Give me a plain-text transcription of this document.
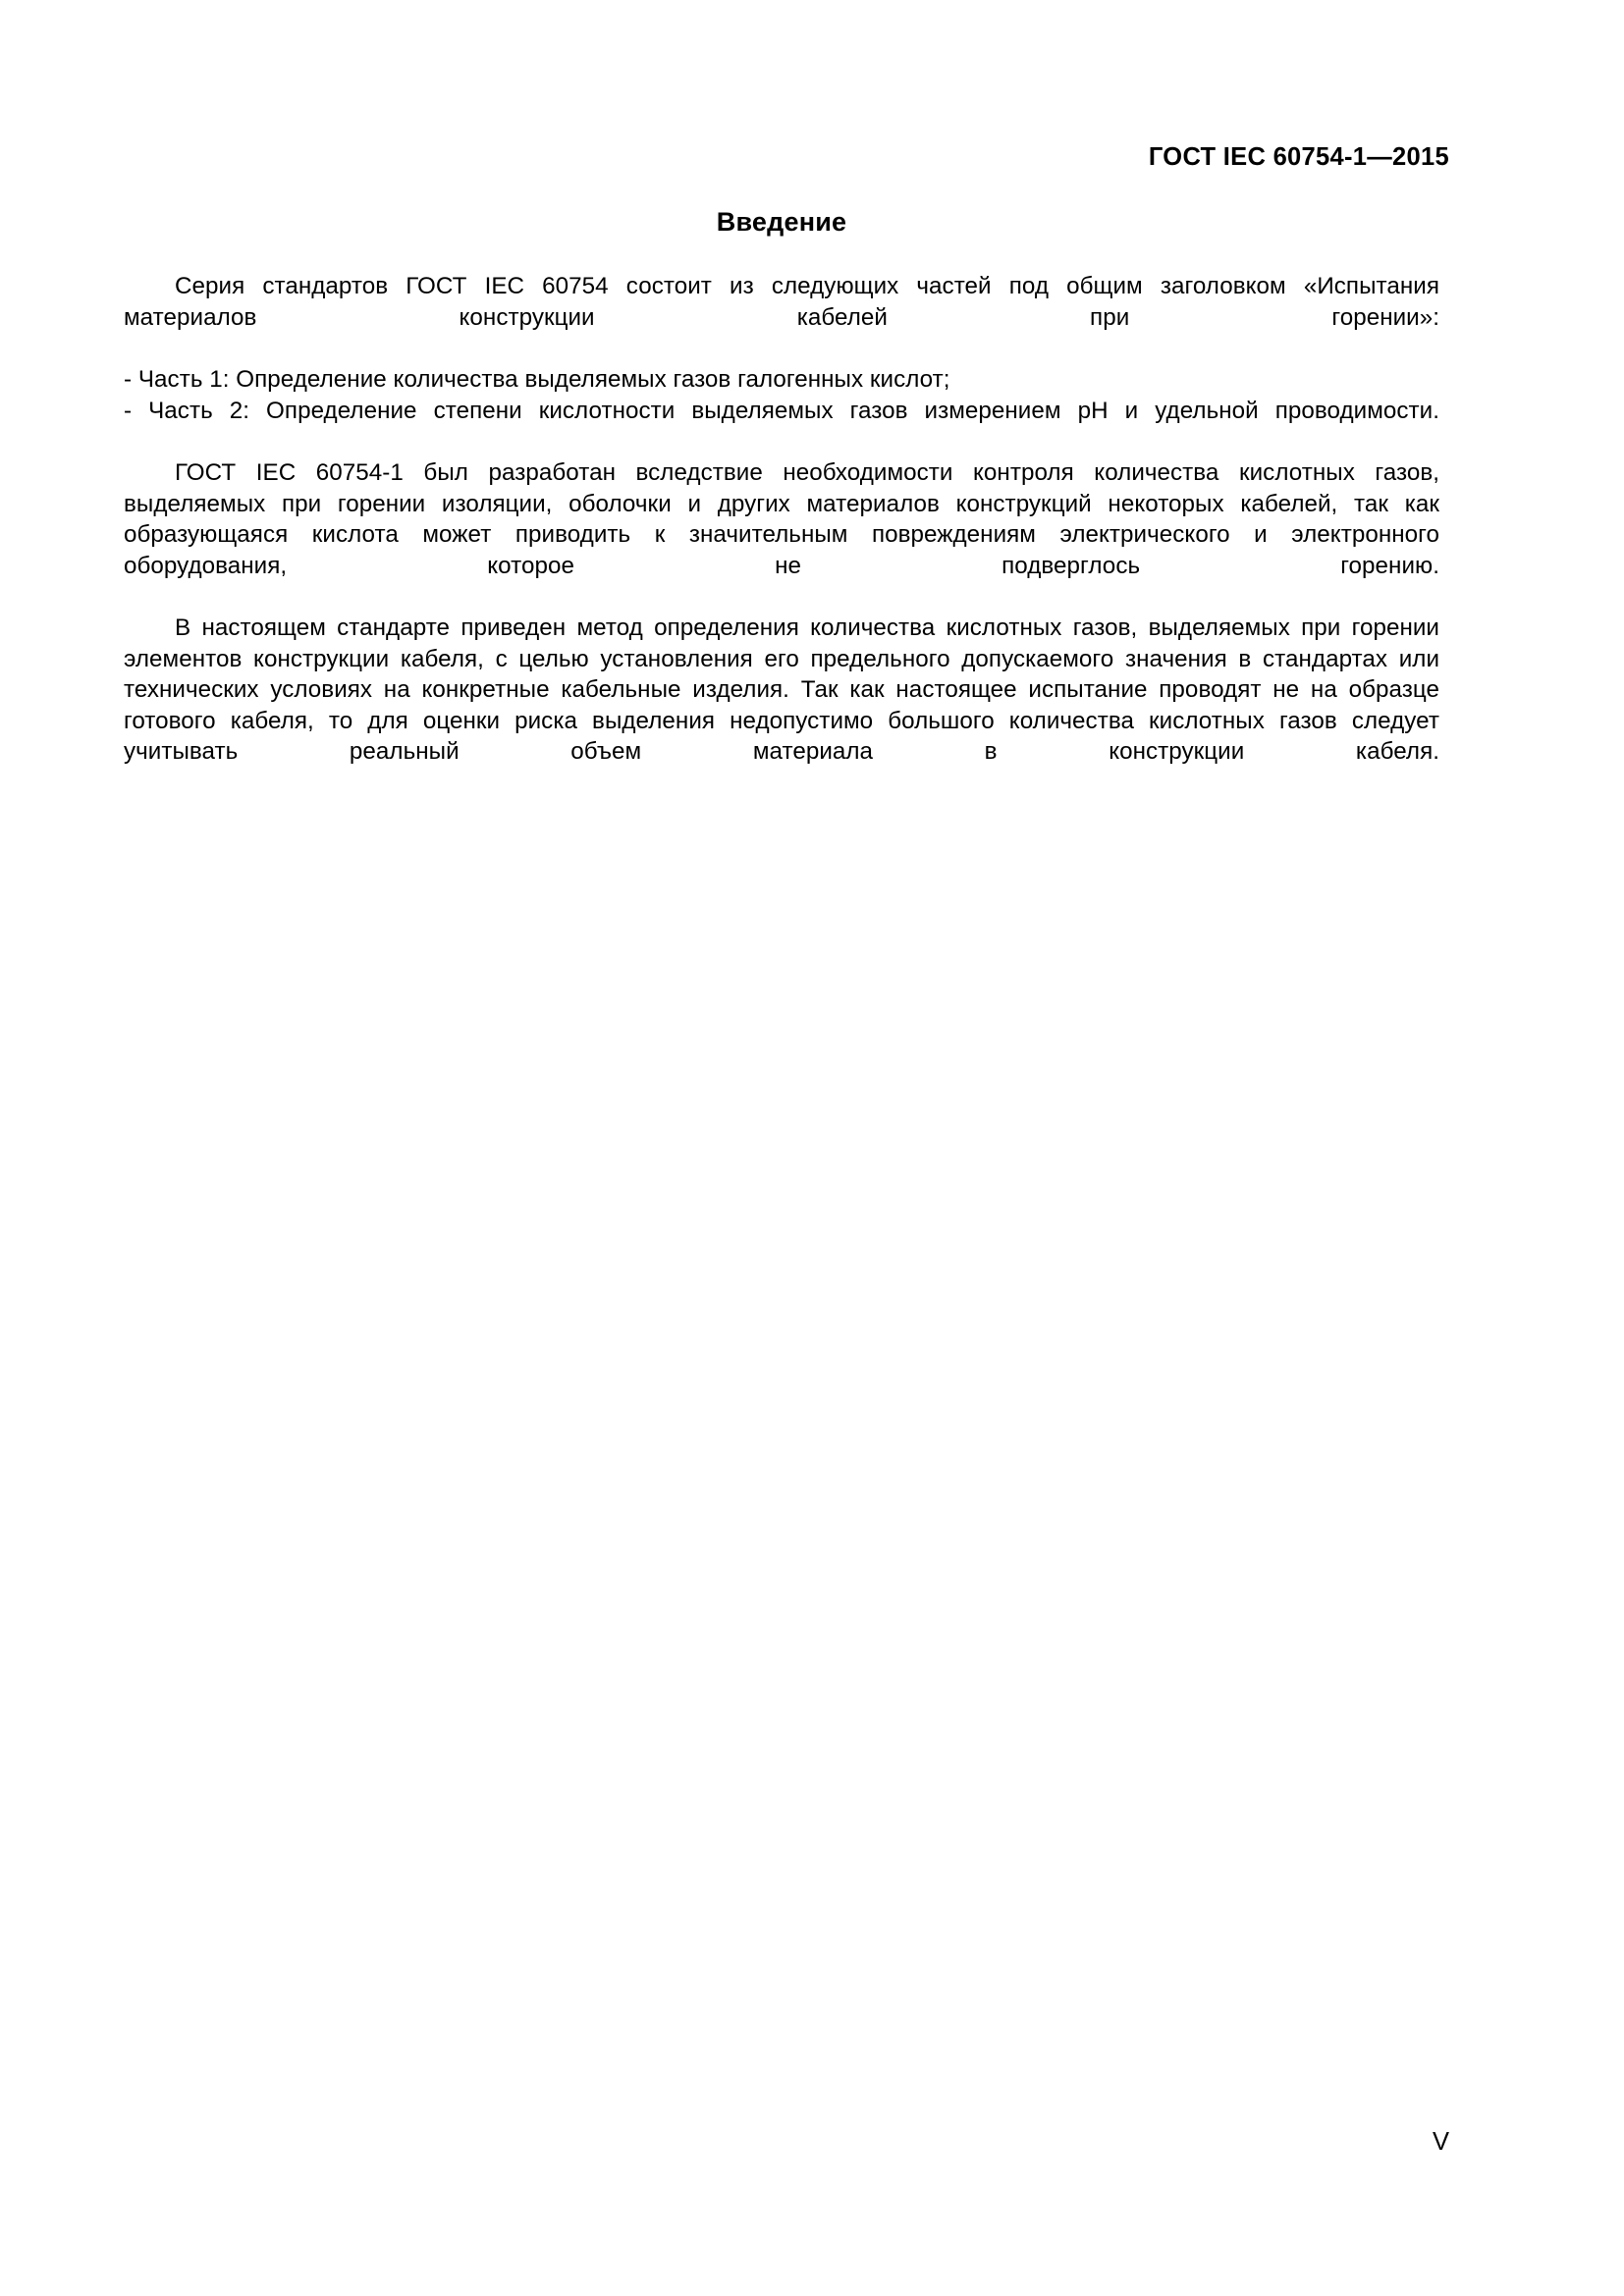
ГОСТ IEC 60754-1—2015
Введение

Серия стандартов ГОСТ IEC 60754 состоит из следующих частей под общим заголовком «Испытания материалов конструкции кабелей при горении»:

- Часть 1: Определение количества выделяемых газов галогенных кислот;

- Часть 2: Определение степени кислотности выделяемых газов измерением pH и удельной проводимости.

ГОСТ IEC 60754-1 был разработан вследствие необходимости контроля количества кислотных газов, выделяемых при горении изоляции, оболочки и других материалов конструкций некоторых кабелей, так как образующаяся кислота может приводить к значительным повреждениям электрического и электронного оборудования, которое не подверглось горению.

В настоящем стандарте приведен метод определения количества кислотных газов, выделяемых при горении элементов конструкции кабеля, с целью установления его предельного допускаемого значения в стандартах или технических условиях на конкретные кабельные изделия. Так как настоящее испытание проводят не на образце готового кабеля, то для оценки риска выделения недопустимо большого количества кислотных газов следует учитывать реальный объем материала в конструкции кабеля.

V
